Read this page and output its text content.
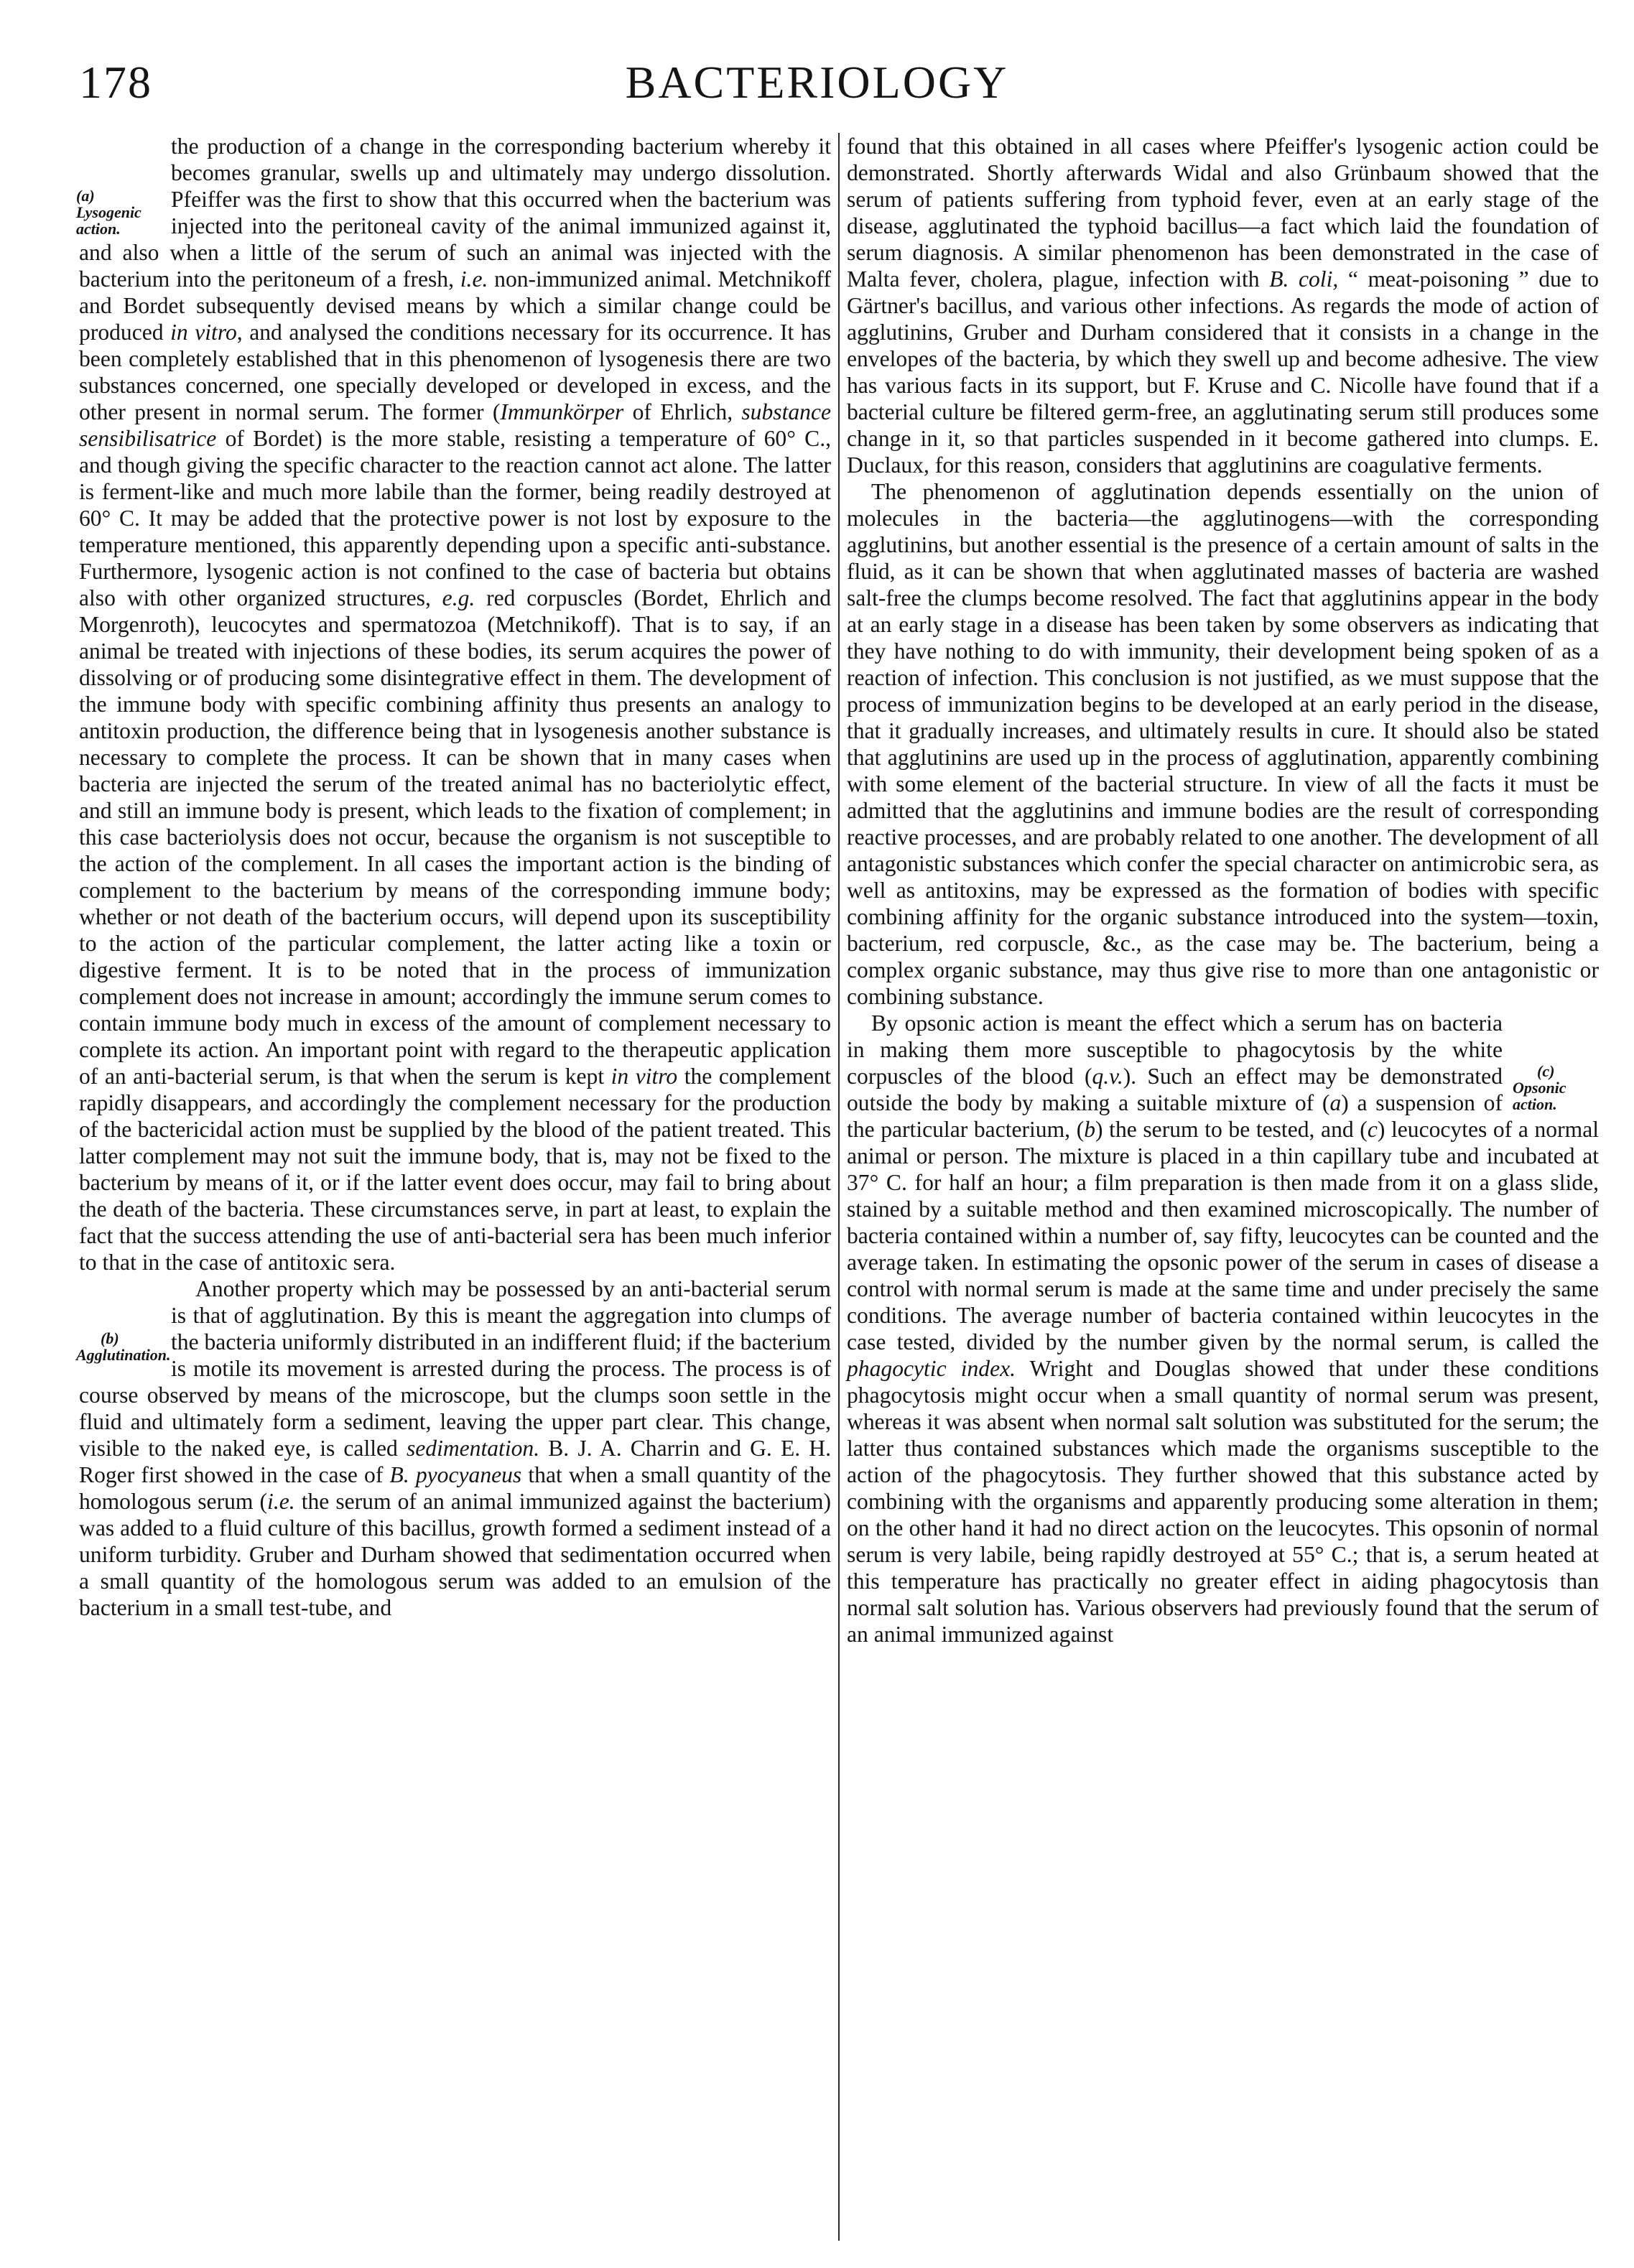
178	BACTERIOLOGY

(a) Lysogenic action.
the production of a change in the corresponding bacterium whereby it becomes granular, swells up and ultimately may undergo dissolution. Pfeiffer was the first to show that this occurred when the bacterium was injected into the peritoneal cavity of the animal immunized against it, and also when a little of the serum of such an animal was injected with the bacterium into the peritoneum of a fresh, i.e. non-immunized animal. Metchnikoff and Bordet subsequently devised means by which a similar change could be produced in vitro, and analysed the conditions necessary for its occurrence. It has been completely established that in this phenomenon of lysogenesis there are two substances concerned, one specially developed or developed in excess, and the other present in normal serum. The former (Immunkörper of Ehrlich, substance sensibilisatrice of Bordet) is the more stable, resisting a temperature of 60° C., and though giving the specific character to the reaction cannot act alone. The latter is ferment-like and much more labile than the former, being readily destroyed at 60° C. It may be added that the protective power is not lost by exposure to the temperature mentioned, this apparently depending upon a specific anti-substance. Furthermore, lysogenic action is not confined to the case of bacteria but obtains also with other organized structures, e.g. red corpuscles (Bordet, Ehrlich and Morgenroth), leucocytes and spermatozoa (Metchnikoff). That is to say, if an animal be treated with injections of these bodies, its serum acquires the power of dissolving or of producing some disintegrative effect in them. The development of the immune body with specific combining affinity thus presents an analogy to antitoxin production, the difference being that in lysogenesis another substance is necessary to complete the process. It can be shown that in many cases when bacteria are injected the serum of the treated animal has no bacteriolytic effect, and still an immune body is present, which leads to the fixation of complement; in this case bacteriolysis does not occur, because the organism is not susceptible to the action of the complement. In all cases the important action is the binding of complement to the bacterium by means of the corresponding immune body; whether or not death of the bacterium occurs, will depend upon its susceptibility to the action of the particular complement, the latter acting like a toxin or digestive ferment. It is to be noted that in the process of immunization complement does not increase in amount; accordingly the immune serum comes to contain immune body much in excess of the amount of complement necessary to complete its action. An important point with regard to the therapeutic application of an anti-bacterial serum, is that when the serum is kept in vitro the complement rapidly disappears, and accordingly the complement necessary for the production of the bactericidal action must be supplied by the blood of the patient treated. This latter complement may not suit the immune body, that is, may not be fixed to the bacterium by means of it, or if the latter event does occur, may fail to bring about the death of the bacteria. These circumstances serve, in part at least, to explain the fact that the success attending the use of anti-bacterial sera has been much inferior to that in the case of antitoxic sera.

(b) Agglutination.
Another property which may be possessed by an anti-bacterial serum is that of agglutination. By this is meant the aggregation into clumps of the bacteria uniformly distributed in an indifferent fluid; if the bacterium is motile its movement is arrested during the process. The process is of course observed by means of the microscope, but the clumps soon settle in the fluid and ultimately form a sediment, leaving the upper part clear. This change, visible to the naked eye, is called sedimentation. B. J. A. Charrin and G. E. H. Roger first showed in the case of B. pyocyaneus that when a small quantity of the homologous serum (i.e. the serum of an animal immunized against the bacterium) was added to a fluid culture of this bacillus, growth formed a sediment instead of a uniform turbidity. Gruber and Durham showed that sedimentation occurred when a small quantity of the homologous serum was added to an emulsion of the bacterium in a small test-tube, and

found that this obtained in all cases where Pfeiffer's lysogenic action could be demonstrated. Shortly afterwards Widal and also Grünbaum showed that the serum of patients suffering from typhoid fever, even at an early stage of the disease, agglutinated the typhoid bacillus—a fact which laid the foundation of serum diagnosis. A similar phenomenon has been demonstrated in the case of Malta fever, cholera, plague, infection with B. coli, “ meat-poisoning ” due to Gärtner's bacillus, and various other infections. As regards the mode of action of agglutinins, Gruber and Durham considered that it consists in a change in the envelopes of the bacteria, by which they swell up and become adhesive. The view has various facts in its support, but F. Kruse and C. Nicolle have found that if a bacterial culture be filtered germ-free, an agglutinating serum still produces some change in it, so that particles suspended in it become gathered into clumps. E. Duclaux, for this reason, considers that agglutinins are coagulative ferments.

The phenomenon of agglutination depends essentially on the union of molecules in the bacteria—the agglutinogens—with the corresponding agglutinins, but another essential is the presence of a certain amount of salts in the fluid, as it can be shown that when agglutinated masses of bacteria are washed salt-free the clumps become resolved. The fact that agglutinins appear in the body at an early stage in a disease has been taken by some observers as indicating that they have nothing to do with immunity, their development being spoken of as a reaction of infection. This conclusion is not justified, as we must suppose that the process of immunization begins to be developed at an early period in the disease, that it gradually increases, and ultimately results in cure. It should also be stated that agglutinins are used up in the process of agglutination, apparently combining with some element of the bacterial structure. In view of all the facts it must be admitted that the agglutinins and immune bodies are the result of corresponding reactive processes, and are probably related to one another. The development of all antagonistic substances which confer the special character on antimicrobic sera, as well as antitoxins, may be expressed as the formation of bodies with specific combining affinity for the organic substance introduced into the system—toxin, bacterium, red corpuscle, &c., as the case may be. The bacterium, being a complex organic substance, may thus give rise to more than one antagonistic or combining substance.

(c) Opsonic action.
By opsonic action is meant the effect which a serum has on bacteria in making them more susceptible to phagocytosis by the white corpuscles of the blood (q.v.). Such an effect may be demonstrated outside the body by making a suitable mixture of (a) a suspension of the particular bacterium, (b) the serum to be tested, and (c) leucocytes of a normal animal or person. The mixture is placed in a thin capillary tube and incubated at 37° C. for half an hour; a film preparation is then made from it on a glass slide, stained by a suitable method and then examined microscopically. The number of bacteria contained within a number of, say fifty, leucocytes can be counted and the average taken. In estimating the opsonic power of the serum in cases of disease a control with normal serum is made at the same time and under precisely the same conditions. The average number of bacteria contained within leucocytes in the case tested, divided by the number given by the normal serum, is called the phagocytic index. Wright and Douglas showed that under these conditions phagocytosis might occur when a small quantity of normal serum was present, whereas it was absent when normal salt solution was substituted for the serum; the latter thus contained substances which made the organisms susceptible to the action of the phagocytosis. They further showed that this substance acted by combining with the organisms and apparently producing some alteration in them; on the other hand it had no direct action on the leucocytes. This opsonin of normal serum is very labile, being rapidly destroyed at 55° C.; that is, a serum heated at this temperature has practically no greater effect in aiding phagocytosis than normal salt solution has. Various observers had previously found that the serum of an animal immunized against
